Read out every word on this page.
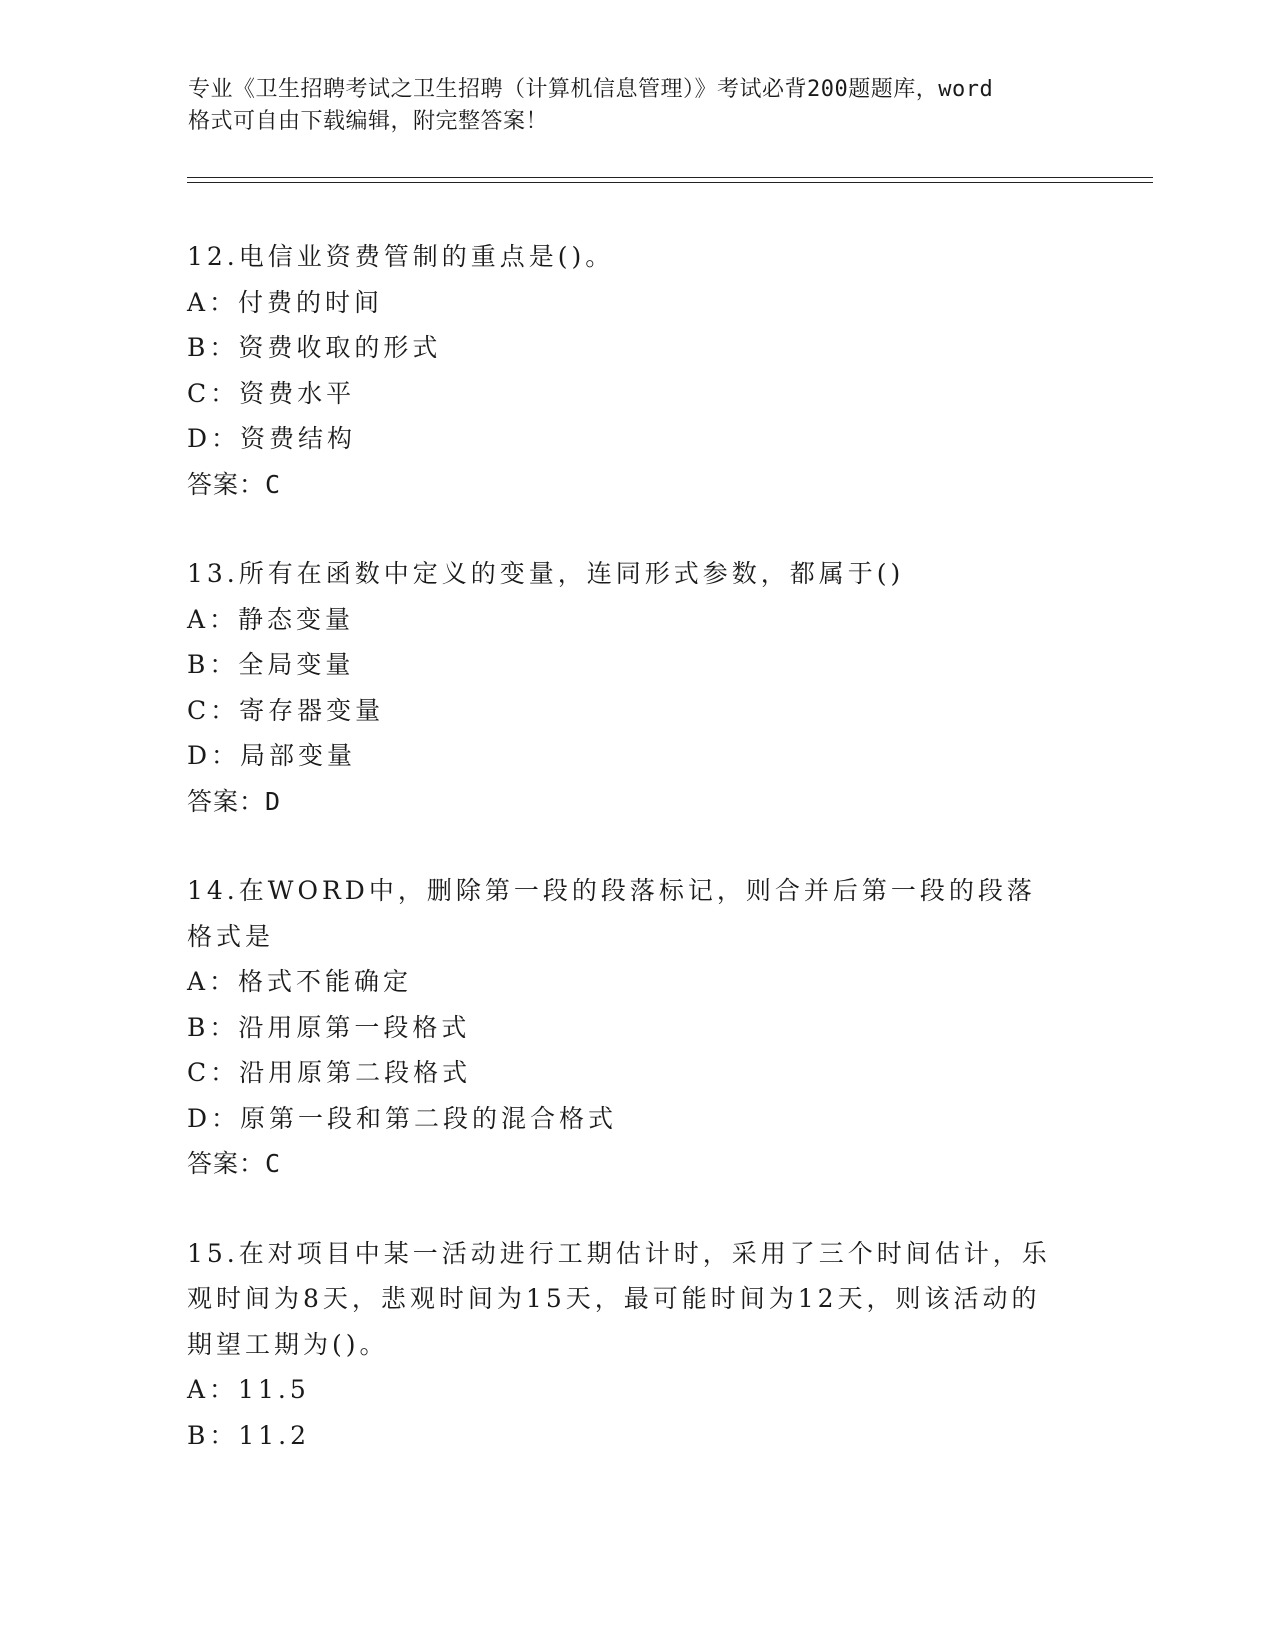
专业《卫生招聘考试之卫生招聘（计算机信息管理）》考试必背200题题库，word

格式可自由下载编辑，附完整答案！

12.电信业资费管制的重点是()。

A：付费的时间

B：资费收取的形式

C：资费水平

D：资费结构

答案：C

13.所有在函数中定义的变量，连同形式参数，都属于()

A：静态变量

B：全局变量

C：寄存器变量

D：局部变量

答案：D

14.在WORD中，删除第一段的段落标记，则合并后第一段的段落格式是

A：格式不能确定

B：沿用原第一段格式

C：沿用原第二段格式

D：原第一段和第二段的混合格式

答案：C

15.在对项目中某一活动进行工期估计时，采用了三个时间估计，乐观时间为8天，悲观时间为15天，最可能时间为12天，则该活动的期望工期为()。

A：11.5

B：11.2
